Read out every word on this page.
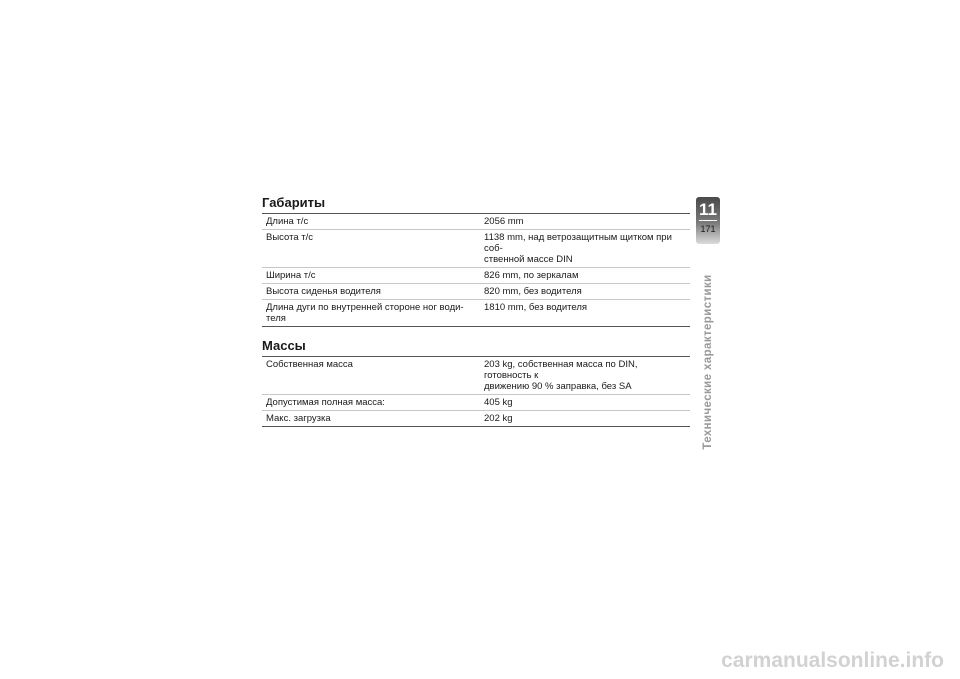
Габариты
Длина т/с	2056 mm
Высота т/с	1138 mm, над ветрозащитным щитком при соб-
ственной массе DIN
Ширина т/с	826 mm, по зеркалам
Высота сиденья водителя	820 mm, без водителя
Длина дуги по внутренней стороне ног води-
теля	1810 mm, без водителя
Массы
Собственная масса	203 kg, собственная масса по DIN, готовность к
движению 90 % заправка, без SA
Допустимая полная масса:	405 kg
Макс. загрузка	202 kg
11
171
Технические характеристики
carmanualsonline.info
